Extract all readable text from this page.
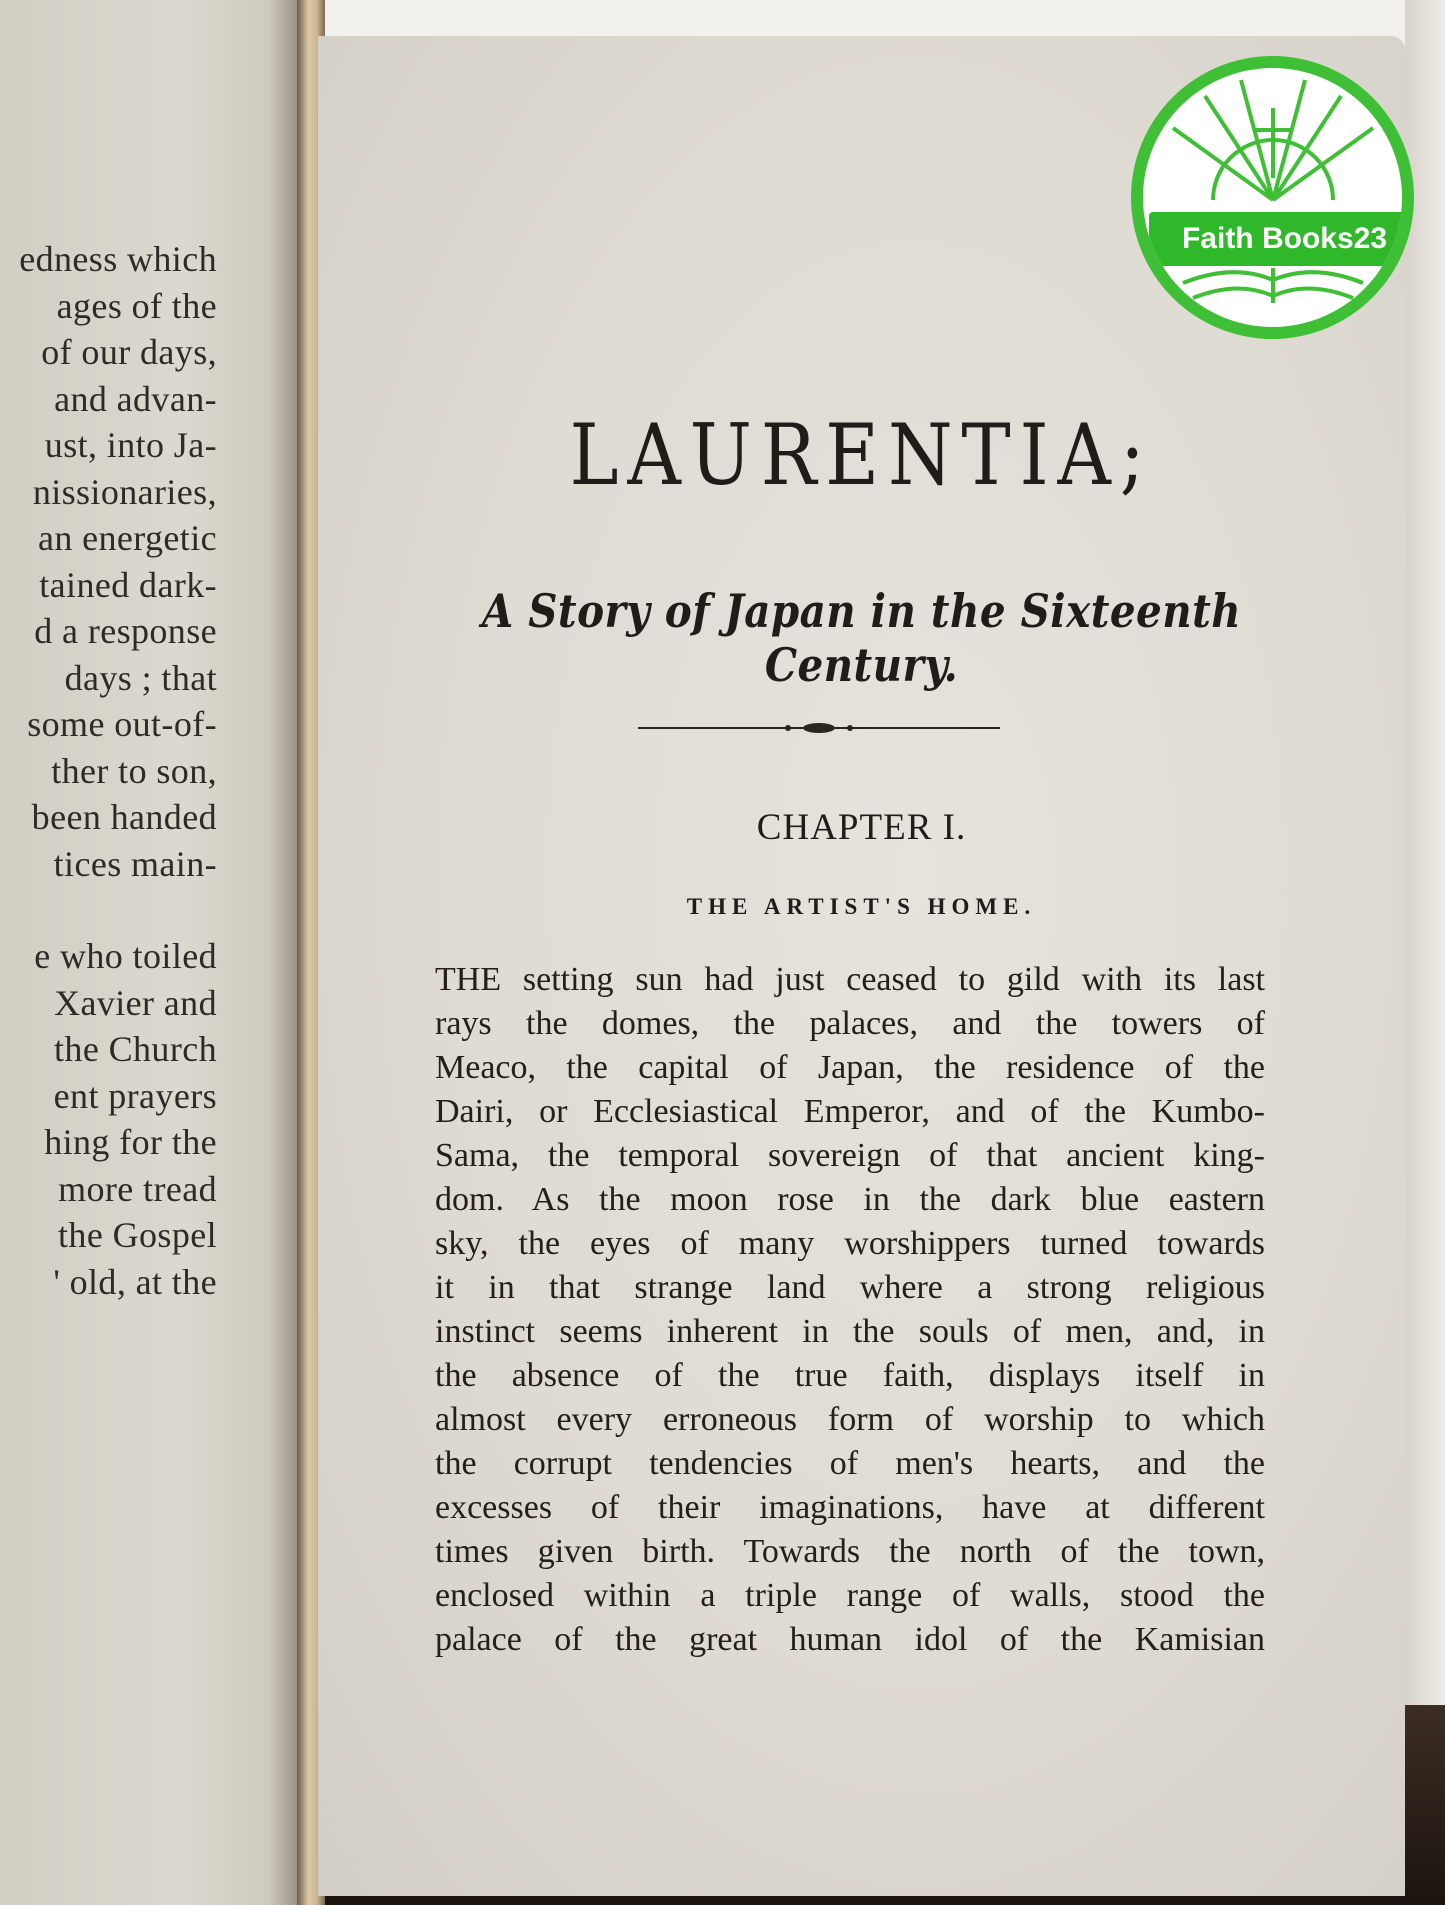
edness which
ages of the
of our days,
and advan-
ust, into Ja-
nissionaries,
an energetic
tained dark-
d a response
days ; that
some out-of-
ther to son,
been handed
tices main-
e who toiled
Xavier and
the Church
ent prayers
hing for the
more tread
the Gospel
' old, at the
LAURENTIA;
A Story of Japan in the Sixteenth Century.
CHAPTER I.
THE ARTIST'S HOME.
THE setting sun had just ceased to gild with its last
rays the domes, the palaces, and the towers of
Meaco, the capital of Japan, the residence of the
Dairi, or Ecclesiastical Emperor, and of the Kumbo-
Sama, the temporal sovereign of that ancient king-
dom. As the moon rose in the dark blue eastern
sky, the eyes of many worshippers turned towards
it in that strange land where a strong religious
instinct seems inherent in the souls of men, and, in
the absence of the true faith, displays itself in
almost every erroneous form of worship to which
the corrupt tendencies of men's hearts, and the
excesses of their imaginations, have at different
times given birth. Towards the north of the town,
enclosed within a triple range of walls, stood the
palace of the great human idol of the Kamisian
Faith Books23
